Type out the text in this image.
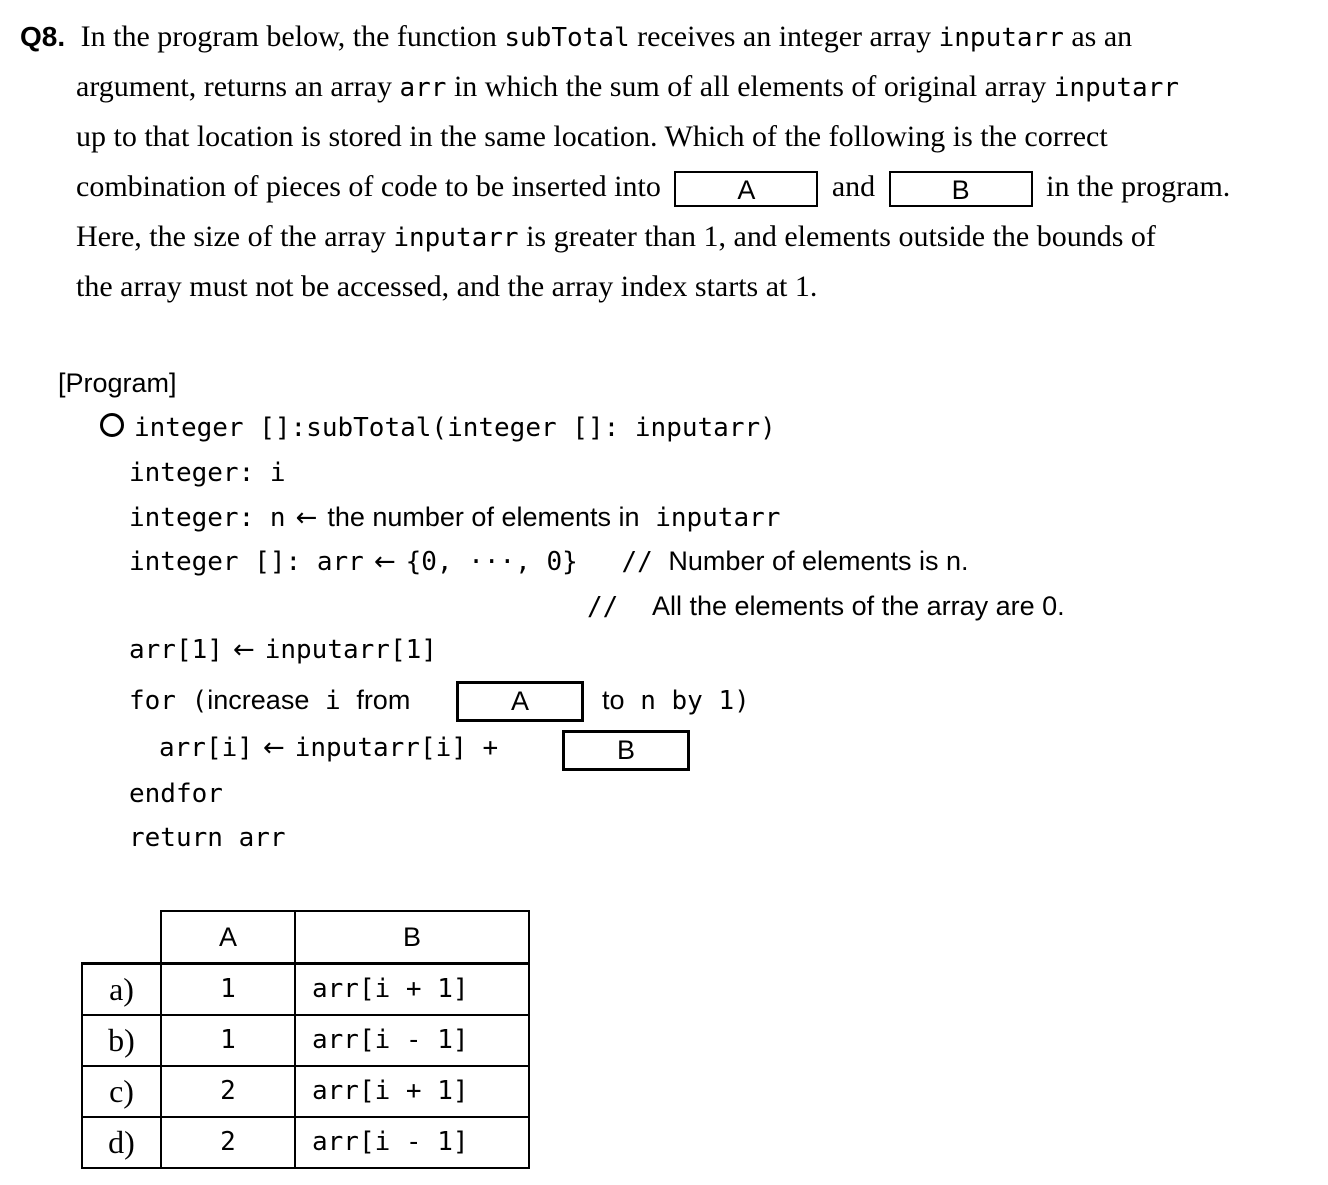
Q8. In the program below, the function subTotal receives an integer array inputarr as an
argument, returns an array arr in which the sum of all elements of original array inputarr
up to that location is stored in the same location. Which of the following is the correct
combination of pieces of code to be inserted into	A	and	B	in the program.
Here, the size of the array inputarr is greater than 1, and elements outside the bounds of
the array must not be accessed, and the array index starts at 1.
[Program]
integer []:subTotal(integer []: inputarr)
integer: i
integer: n ← the number of elements in inputarr
integer []: arr ← {0, ···, 0} // Number of elements is n.
// All the elements of the array are 0.
arr[1] ← inputarr[1]
for (increase i from	A	to n by 1)
arr[i] ← inputarr[i] +	B
endfor
return arr
	A	B
a)	1	arr[i + 1]
b)	1	arr[i - 1]
c)	2	arr[i + 1]
d)	2	arr[i - 1]
